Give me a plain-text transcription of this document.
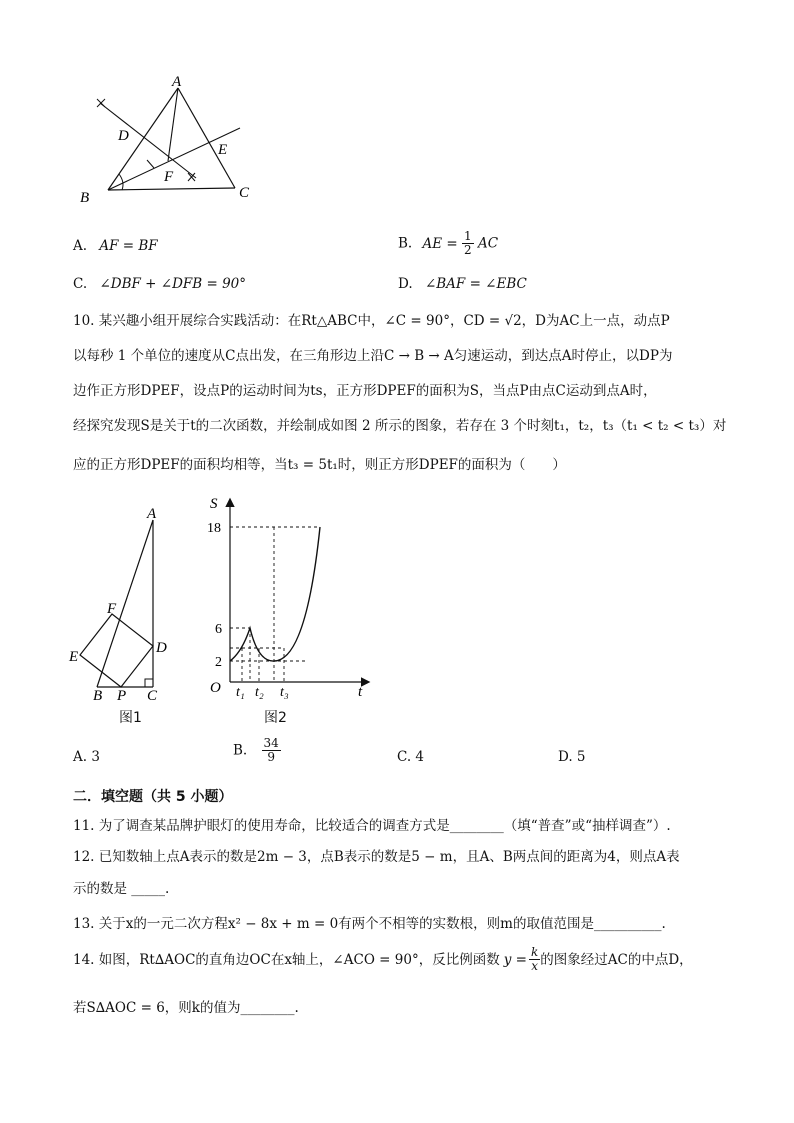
A
B	C
D
E
F
A. AF = BF	B. AE = $\frac{1}{2}$ AC
C. ∠DBF + ∠DFB = 90°	D. ∠BAF = ∠EBC
10. 某兴趣小组开展综合实践活动：在Rt△ABC中，∠C = 90°，CD = √2，D为AC上一点，动点P
以每秒 1 个单位的速度从C点出发，在三角形边上沿C → B → A匀速运动，到达点A时停止，以DP为
边作正方形DPEF，设点P的运动时间为ts，正方形DPEF的面积为S，当点P由点C运动到点A时，
经探究发现S是关于t的二次函数，并绘制成如图 2 所示的图象，若存在 3 个时刻t₁，t₂，t₃（t₁ < t₂ < t₃）对
应的正方形DPEF的面积均相等，当t₃ = 5t₁时，则正方形DPEF的面积为（　　）
A
D
F
E
B P C
图1
S
O	t
18
6
2
t₁ t₂ t₃
图2
A. 3	B. $\frac{34}{9}$	C. 4	D. 5
二．填空题（共 5 小题）
11. 为了调查某品牌护眼灯的使用寿命，比较适合的调查方式是________（填“普查”或“抽样调查”）.
12. 已知数轴上点A表示的数是2m − 3，点B表示的数是5 − m，且A、B两点间的距离为4，则点A表
示的数是 _____.
13. 关于x的一元二次方程x² − 8x + m = 0有两个不相等的实数根，则m的取值范围是__________.
14. 如图，Rt∆AOC的直角边OC在x轴上，∠ACO = 90°，反比例函数 $y = \frac{k}{x}$ 的图象经过AC的中点D，
若S∆AOC = 6，则k的值为________.
